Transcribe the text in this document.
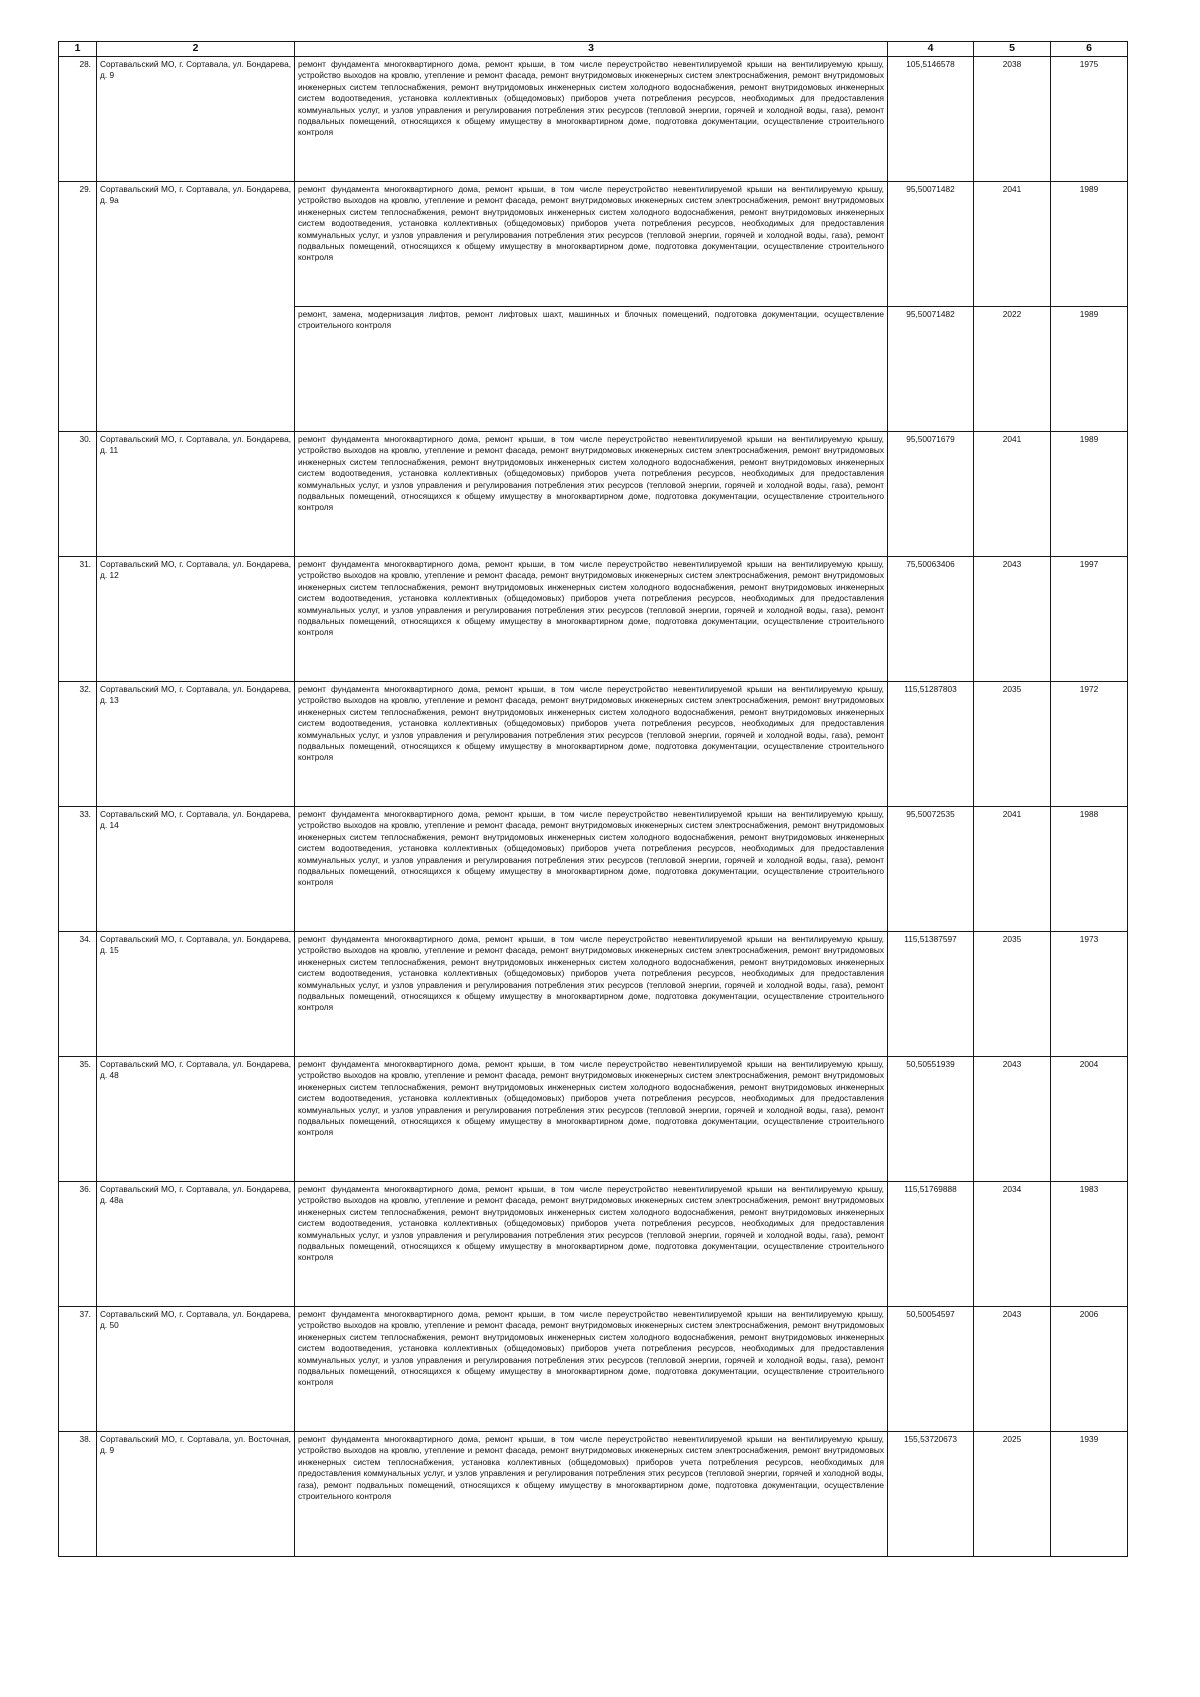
1	2	3	4	5	6
28.	Сортавальский МО, г. Сортавала, ул. Бондарева, д. 9	ремонт фундамента многоквартирного дома, ремонт крыши, в том числе переустройство невентилируемой крыши на вентилируемую крышу, устройство выходов на кровлю, утепление и ремонт фасада, ремонт внутридомовых инженерных систем электроснабжения, ремонт внутридомовых инженерных систем теплоснабжения, ремонт внутридомовых инженерных систем холодного водоснабжения, ремонт внутридомовых инженерных систем водоотведения, установка коллективных (общедомовых) приборов учета потребления ресурсов, необходимых для предоставления коммунальных услуг, и узлов управления и регулирования потребления этих ресурсов (тепловой энергии, горячей и холодной воды, газа), ремонт подвальных помещений, относящихся к общему имуществу в многоквартирном доме, подготовка документации, осуществление строительного контроля	105,5146578	2038	1975
29.	Сортавальский МО, г. Сортавала, ул. Бондарева, д. 9а	ремонт фундамента многоквартирного дома, ремонт крыши, в том числе переустройство невентилируемой крыши на вентилируемую крышу, устройство выходов на кровлю, утепление и ремонт фасада, ремонт внутридомовых инженерных систем электроснабжения, ремонт внутридомовых инженерных систем теплоснабжения, ремонт внутридомовых инженерных систем холодного водоснабжения, ремонт внутридомовых инженерных систем водоотведения, установка коллективных (общедомовых) приборов учета потребления ресурсов, необходимых для предоставления коммунальных услуг, и узлов управления и регулирования потребления этих ресурсов (тепловой энергии, горячей и холодной воды, газа), ремонт подвальных помещений, относящихся к общему имуществу в многоквартирном доме, подготовка документации, осуществление строительного контроля	95,50071482	2041	1989
		ремонт, замена, модернизация лифтов, ремонт лифтовых шахт, машинных и блочных помещений, подготовка документации, осуществление строительного контроля	95,50071482	2022	1989
30.	Сортавальский МО, г. Сортавала, ул. Бондарева, д. 11	ремонт фундамента многоквартирного дома, ремонт крыши, в том числе переустройство невентилируемой крыши на вентилируемую крышу, устройство выходов на кровлю, утепление и ремонт фасада, ремонт внутридомовых инженерных систем электроснабжения, ремонт внутридомовых инженерных систем теплоснабжения, ремонт внутридомовых инженерных систем холодного водоснабжения, ремонт внутридомовых инженерных систем водоотведения, установка коллективных (общедомовых) приборов учета потребления ресурсов, необходимых для предоставления коммунальных услуг, и узлов управления и регулирования потребления этих ресурсов (тепловой энергии, горячей и холодной воды, газа), ремонт подвальных помещений, относящихся к общему имуществу в многоквартирном доме, подготовка документации, осуществление строительного контроля	95,50071679	2041	1989
31.	Сортавальский МО, г. Сортавала, ул. Бондарева, д. 12	ремонт фундамента многоквартирного дома, ремонт крыши, в том числе переустройство невентилируемой крыши на вентилируемую крышу, устройство выходов на кровлю, утепление и ремонт фасада, ремонт внутридомовых инженерных систем электроснабжения, ремонт внутридомовых инженерных систем теплоснабжения, ремонт внутридомовых инженерных систем холодного водоснабжения, ремонт внутридомовых инженерных систем водоотведения, установка коллективных (общедомовых) приборов учета потребления ресурсов, необходимых для предоставления коммунальных услуг, и узлов управления и регулирования потребления этих ресурсов (тепловой энергии, горячей и холодной воды, газа), ремонт подвальных помещений, относящихся к общему имуществу в многоквартирном доме, подготовка документации, осуществление строительного контроля	75,50063406	2043	1997
32.	Сортавальский МО, г. Сортавала, ул. Бондарева, д. 13	ремонт фундамента многоквартирного дома, ремонт крыши, в том числе переустройство невентилируемой крыши на вентилируемую крышу, устройство выходов на кровлю, утепление и ремонт фасада, ремонт внутридомовых инженерных систем электроснабжения, ремонт внутридомовых инженерных систем теплоснабжения, ремонт внутридомовых инженерных систем холодного водоснабжения, ремонт внутридомовых инженерных систем водоотведения, установка коллективных (общедомовых) приборов учета потребления ресурсов, необходимых для предоставления коммунальных услуг, и узлов управления и регулирования потребления этих ресурсов (тепловой энергии, горячей и холодной воды, газа), ремонт подвальных помещений, относящихся к общему имуществу в многоквартирном доме, подготовка документации, осуществление строительного контроля	115,51287803	2035	1972
33.	Сортавальский МО, г. Сортавала, ул. Бондарева, д. 14	ремонт фундамента многоквартирного дома, ремонт крыши, в том числе переустройство невентилируемой крыши на вентилируемую крышу, устройство выходов на кровлю, утепление и ремонт фасада, ремонт внутридомовых инженерных систем электроснабжения, ремонт внутридомовых инженерных систем теплоснабжения, ремонт внутридомовых инженерных систем холодного водоснабжения, ремонт внутридомовых инженерных систем водоотведения, установка коллективных (общедомовых) приборов учета потребления ресурсов, необходимых для предоставления коммунальных услуг, и узлов управления и регулирования потребления этих ресурсов (тепловой энергии, горячей и холодной воды, газа), ремонт подвальных помещений, относящихся к общему имуществу в многоквартирном доме, подготовка документации, осуществление строительного контроля	95,50072535	2041	1988
34.	Сортавальский МО, г. Сортавала, ул. Бондарева, д. 15	ремонт фундамента многоквартирного дома, ремонт крыши, в том числе переустройство невентилируемой крыши на вентилируемую крышу, устройство выходов на кровлю, утепление и ремонт фасада, ремонт внутридомовых инженерных систем электроснабжения, ремонт внутридомовых инженерных систем теплоснабжения, ремонт внутридомовых инженерных систем холодного водоснабжения, ремонт внутридомовых инженерных систем водоотведения, установка коллективных (общедомовых) приборов учета потребления ресурсов, необходимых для предоставления коммунальных услуг, и узлов управления и регулирования потребления этих ресурсов (тепловой энергии, горячей и холодной воды, газа), ремонт подвальных помещений, относящихся к общему имуществу в многоквартирном доме, подготовка документации, осуществление строительного контроля	115,51387597	2035	1973
35.	Сортавальский МО, г. Сортавала, ул. Бондарева, д. 48	ремонт фундамента многоквартирного дома, ремонт крыши, в том числе переустройство невентилируемой крыши на вентилируемую крышу, устройство выходов на кровлю, утепление и ремонт фасада, ремонт внутридомовых инженерных систем электроснабжения, ремонт внутридомовых инженерных систем теплоснабжения, ремонт внутридомовых инженерных систем холодного водоснабжения, ремонт внутридомовых инженерных систем водоотведения, установка коллективных (общедомовых) приборов учета потребления ресурсов, необходимых для предоставления коммунальных услуг, и узлов управления и регулирования потребления этих ресурсов (тепловой энергии, горячей и холодной воды, газа), ремонт подвальных помещений, относящихся к общему имуществу в многоквартирном доме, подготовка документации, осуществление строительного контроля	50,50551939	2043	2004
36.	Сортавальский МО, г. Сортавала, ул. Бондарева, д. 48а	ремонт фундамента многоквартирного дома, ремонт крыши, в том числе переустройство невентилируемой крыши на вентилируемую крышу, устройство выходов на кровлю, утепление и ремонт фасада, ремонт внутридомовых инженерных систем электроснабжения, ремонт внутридомовых инженерных систем теплоснабжения, ремонт внутридомовых инженерных систем холодного водоснабжения, ремонт внутридомовых инженерных систем водоотведения, установка коллективных (общедомовых) приборов учета потребления ресурсов, необходимых для предоставления коммунальных услуг, и узлов управления и регулирования потребления этих ресурсов (тепловой энергии, горячей и холодной воды, газа), ремонт подвальных помещений, относящихся к общему имуществу в многоквартирном доме, подготовка документации, осуществление строительного контроля	115,51769888	2034	1983
37.	Сортавальский МО, г. Сортавала, ул. Бондарева, д. 50	ремонт фундамента многоквартирного дома, ремонт крыши, в том числе переустройство невентилируемой крыши на вентилируемую крышу, устройство выходов на кровлю, утепление и ремонт фасада, ремонт внутридомовых инженерных систем электроснабжения, ремонт внутридомовых инженерных систем теплоснабжения, ремонт внутридомовых инженерных систем холодного водоснабжения, ремонт внутридомовых инженерных систем водоотведения, установка коллективных (общедомовых) приборов учета потребления ресурсов, необходимых для предоставления коммунальных услуг, и узлов управления и регулирования потребления этих ресурсов (тепловой энергии, горячей и холодной воды, газа), ремонт подвальных помещений, относящихся к общему имуществу в многоквартирном доме, подготовка документации, осуществление строительного контроля	50,50054597	2043	2006
38.	Сортавальский МО, г. Сортавала, ул. Восточная, д. 9	ремонт фундамента многоквартирного дома, ремонт крыши, в том числе переустройство невентилируемой крыши на вентилируемую крышу, устройство выходов на кровлю, утепление и ремонт фасада, ремонт внутридомовых инженерных систем электроснабжения, ремонт внутридомовых инженерных систем теплоснабжения, установка коллективных (общедомовых) приборов учета потребления ресурсов, необходимых для предоставления коммунальных услуг, и узлов управления и регулирования потребления этих ресурсов (тепловой энергии, горячей и холодной воды, газа), ремонт подвальных помещений, относящихся к общему имуществу в многоквартирном доме, подготовка документации, осуществление строительного контроля	155,53720673	2025	1939
